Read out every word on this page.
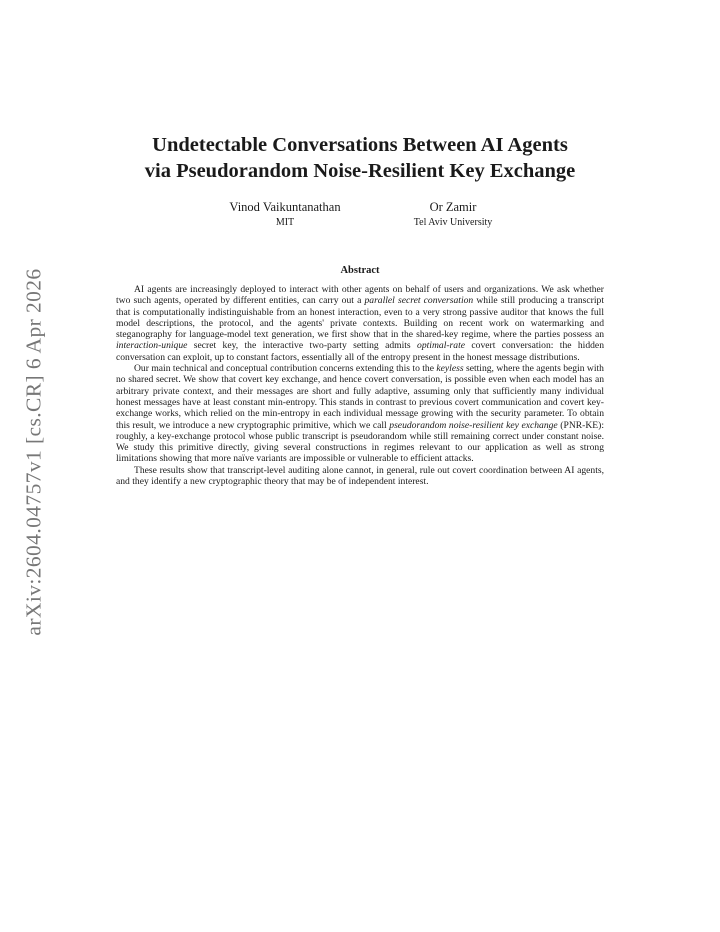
arXiv:2604.04757v1 [cs.CR] 6 Apr 2026
Undetectable Conversations Between AI Agents
via Pseudorandom Noise-Resilient Key Exchange
Vinod Vaikuntanathan
MIT
Or Zamir
Tel Aviv University
Abstract

AI agents are increasingly deployed to interact with other agents on behalf of users and organizations. We ask whether two such agents, operated by different entities, can carry out a parallel secret conversation while still producing a transcript that is computationally indistinguishable from an honest interaction, even to a very strong passive auditor that knows the full model descriptions, the protocol, and the agents' private contexts. Building on recent work on watermarking and steganography for language-model text generation, we first show that in the shared-key regime, where the parties possess an interaction-unique secret key, the interactive two-party setting admits optimal-rate covert conversation: the hidden conversation can exploit, up to constant factors, essentially all of the entropy present in the honest message distributions.

Our main technical and conceptual contribution concerns extending this to the keyless setting, where the agents begin with no shared secret. We show that covert key exchange, and hence covert conversation, is possible even when each model has an arbitrary private context, and their messages are short and fully adaptive, assuming only that sufficiently many individual honest messages have at least constant min-entropy. This stands in contrast to previous covert communication and covert key-exchange works, which relied on the min-entropy in each individual message growing with the security parameter. To obtain this result, we introduce a new cryptographic primitive, which we call pseudorandom noise-resilient key exchange (PNR-KE): roughly, a key-exchange protocol whose public transcript is pseudorandom while still remaining correct under constant noise. We study this primitive directly, giving several constructions in regimes relevant to our application as well as strong limitations showing that more naïve variants are impossible or vulnerable to efficient attacks.

These results show that transcript-level auditing alone cannot, in general, rule out covert coordination between AI agents, and they identify a new cryptographic theory that may be of independent interest.
